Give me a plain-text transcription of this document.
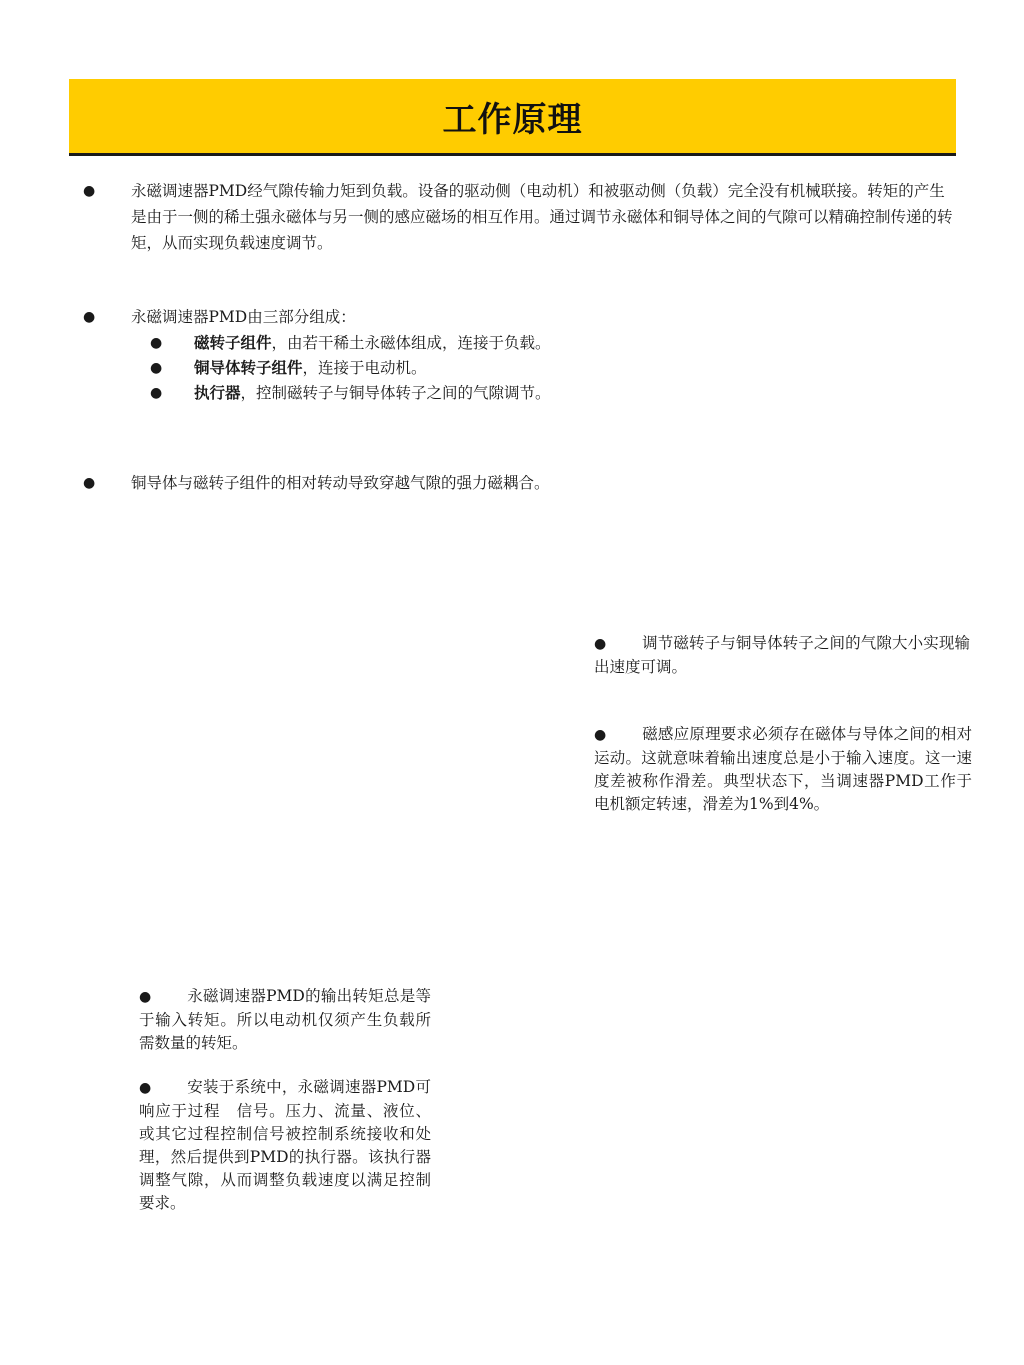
工作原理
●	永磁调速器PMD经气隙传输力矩到负载。设备的驱动侧（电动机）和被驱动侧（负载）完全没有机械联接。转矩的产生是由于一侧的稀土强永磁体与另一侧的感应磁场的相互作用。通过调节永磁体和铜导体之间的气隙可以精确控制传递的转矩，从而实现负载速度调节。
●	永磁调速器PMD由三部分组成：
●	磁转子组件，由若干稀土永磁体组成，连接于负载。
●	铜导体转子组件，连接于电动机。
●	执行器，控制磁转子与铜导体转子之间的气隙调节。
●	铜导体与磁转子组件的相对转动导致穿越气隙的强力磁耦合。
● 调节磁转子与铜导体转子之间的气隙大小实现输出速度可调。
● 磁感应原理要求必须存在磁体与导体之间的相对运动。这就意味着输出速度总是小于输入速度。这一速度差被称作滑差。典型状态下，当调速器PMD工作于电机额定转速，滑差为1%到4%。
● 永磁调速器PMD的输出转矩总是等于输入转矩。所以电动机仅须产生负载所需数量的转矩。
● 安装于系统中，永磁调速器PMD可响应于过程　信号。压力、流量、液位、或其它过程控制信号被控制系统接收和处理，然后提供到PMD的执行器。该执行器调整气隙，从而调整负载速度以满足控制要求。
